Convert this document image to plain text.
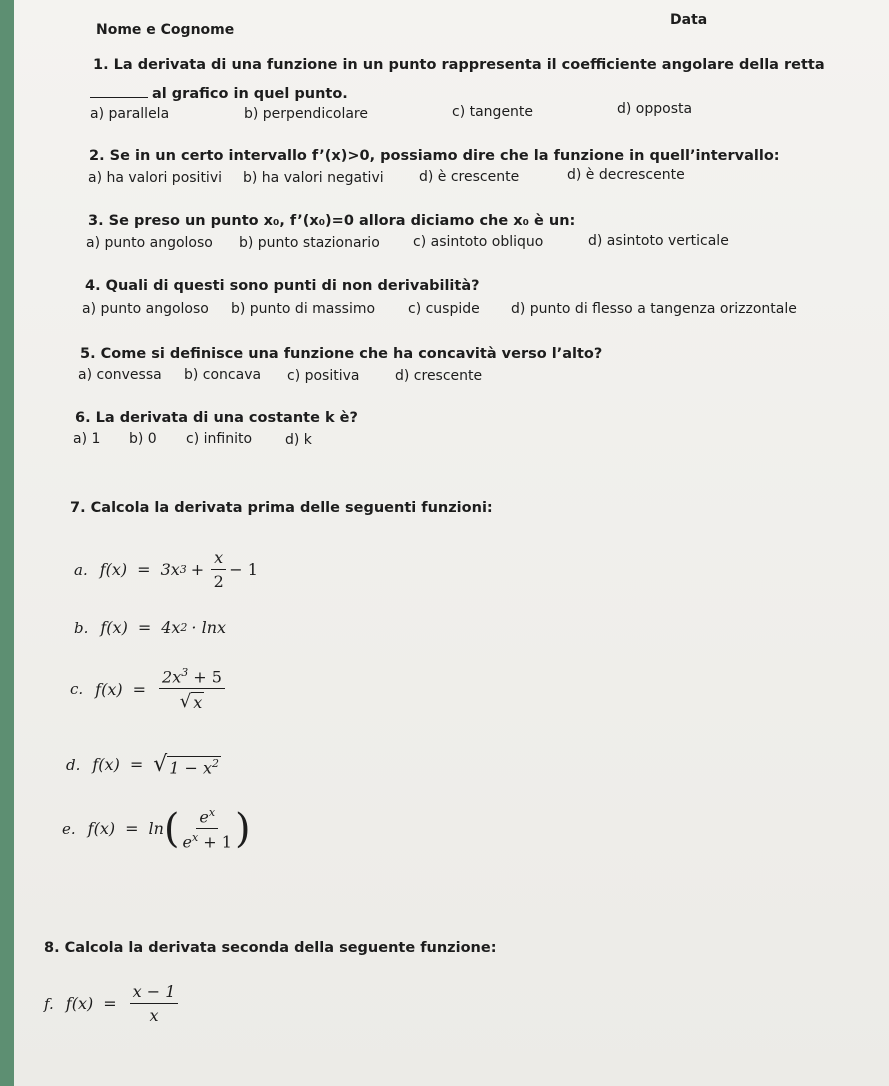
Nome e Cognome
Data
1. La derivata di una funzione in un punto rappresenta il coefficiente angolare della retta
al grafico in quel punto.
a) parallela	b) perpendicolare	c) tangente	d) opposta
2. Se in un certo intervallo f’(x)>0, possiamo dire che la funzione in quell’intervallo:
a) ha valori positivi b) ha valori negativi	d) è crescente	d) è decrescente
3. Se preso un punto x₀, f’(x₀)=0 allora diciamo che x₀ è un:
a) punto angoloso b) punto stazionario c) asintoto obliquo	d) asintoto verticale
4. Quali di questi sono punti di non derivabilità?
a) punto angoloso b) punto di massimo c) cuspide d) punto di flesso a tangenza orizzontale
5. Come si definisce una funzione che ha concavità verso l’alto?
a) convessa b) concava c) positiva	d) crescente
6. La derivata di una costante k è?
a) 1 b) 0 c) infinito d) k
7. Calcola la derivata prima delle seguenti funzioni:
a. f(x) = 3x $3 + \frac{x}{2} - 1$
b. f(x) = 4x 2 · lnx
c. $f(x) = \frac{2x^3 + 5}{√ x}$
d. f(x) = √ $1 - x^2$
e. f(x) = ln ( $\frac{e^x}{e^x + 1}$ )
8. Calcola la derivata seconda della seguente funzione:
f. $f(x) = \frac{x - 1}{x}$
